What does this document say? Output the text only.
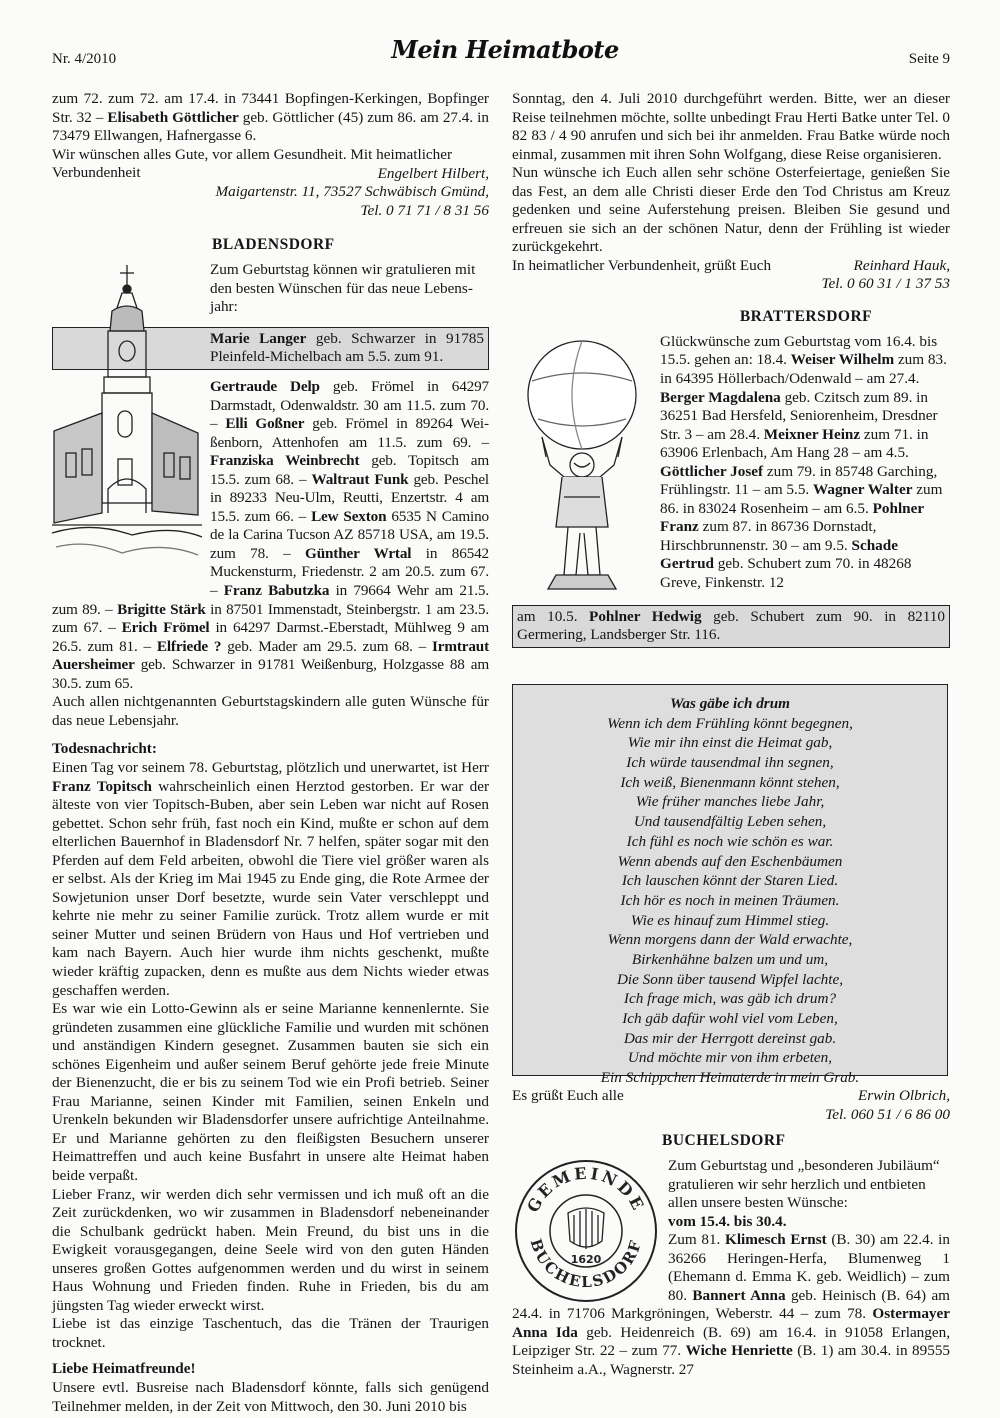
Nr. 4/2010	Mein Heimatbote	Seite 9

zum 72. zum 72. am 17.4. in 73441 Bopfingen-Kerkingen, Bopfinger Str. 32 – Elisabeth Göttlicher geb. Göttlicher (45) zum 86. am 27.4. in 73479 Ellwangen, Hafnergasse 6.

Wir wünschen alles Gute, vor allem Gesundheit. Mit heimatlicher Verbundenheit	Engelbert Hilbert,

Maigartenstr. 11, 73527 Schwäbisch Gmünd,

Tel. 0 71 71 / 8 31 56

BLADENSDORF

Zum Geburtstag können wir gratulieren mit den besten Wünschen für das neue Lebensjahr:

Marie Langer geb. Schwarzer in 91785 Pleinfeld-Michelbach am 5.5. zum 91.

Gertraude Delp geb. Frömel in 64297 Darmstadt, Odenwaldstr. 30 am 11.5. zum 70. – Elli Goßner geb. Frömel in 89264 Weißenborn, Attenhofen am 11.5. zum 69. – Franziska Weinbrecht geb. Topitsch am 15.5. zum 68. – Waltraut Funk geb. Peschel in 89233 Neu-Ulm, Reutti, Enzertstr. 4 am 15.5. zum 66. – Lew Sexton 6535 N Camino de la Carina Tucson AZ 85718 USA, am 19.5. zum 78. – Günther Wrtal in 86542 Muckensturm, Friedenstr. 2 am 20.5. zum 67. – Franz Babutzka in 79664 Wehr am 21.5. zum 89. – Brigitte Stärk in 87501 Immenstadt, Steinbergstr. 1 am 23.5. zum 67. – Erich Frömel in 64297 Darmst.-Eberstadt, Mühlweg 9 am 26.5. zum 81. – Elfriede ? geb. Mader am 29.5. zum 68. – Irmtraut Auersheimer geb. Schwarzer in 91781 Weißenburg, Holzgasse 88 am 30.5. zum 65.

Auch allen nichtgenannten Geburtstagskindern alle guten Wünsche für das neue Lebensjahr.

Todesnachricht:

Einen Tag vor seinem 78. Geburtstag, plötzlich und unerwartet, ist Herr Franz Topitsch wahrscheinlich einen Herztod gestorben. Er war der älteste von vier Topitsch-Buben, aber sein Leben war nicht auf Rosen gebettet. Schon sehr früh, fast noch ein Kind, mußte er schon auf dem elterlichen Bauernhof in Bladensdorf Nr. 7 helfen, später sogar mit den Pferden auf dem Feld arbeiten, obwohl die Tiere viel größer waren als er selbst. Als der Krieg im Mai 1945 zu Ende ging, die Rote Armee der Sowjetunion unser Dorf besetzte, wurde sein Vater verschleppt und kehrte nie mehr zu seiner Familie zurück. Trotz allem wurde er mit seiner Mutter und seinen Brüdern von Haus und Hof vertrieben und kam nach Bayern. Auch hier wurde ihm nichts geschenkt, mußte wieder kräftig zupacken, denn es mußte aus dem Nichts wieder etwas geschaffen werden.

Es war wie ein Lotto-Gewinn als er seine Marianne kennenlernte. Sie gründeten zusammen eine glückliche Familie und wurden mit schönen und anständigen Kindern gesegnet. Zusammen bauten sie sich ein schönes Eigenheim und außer seinem Beruf gehörte jede freie Minute der Bienenzucht, die er bis zu seinem Tod wie ein Profi betrieb. Seiner Frau Marianne, seinen Kinder mit Familien, seinen Enkeln und Urenkeln bekunden wir Bladensdorfer unsere aufrichtige Anteilnahme. Er und Marianne gehörten zu den fleißigsten Besuchern unserer Heimattreffen und auch keine Busfahrt in unsere alte Heimat haben beide verpaßt.

Lieber Franz, wir werden dich sehr vermissen und ich muß oft an die Zeit zurückdenken, wo wir zusammen in Bladensdorf nebeneinander die Schulbank gedrückt haben. Mein Freund, du bist uns in die Ewigkeit vorausgegangen, deine Seele wird von den guten Händen unseres großen Gottes aufgenommen werden und du wirst in seinem Haus Wohnung und Frieden finden. Ruhe in Frieden, bis du am jüngsten Tag wieder erweckt wirst.

Liebe ist das einzige Taschentuch, das die Tränen der Traurigen trocknet.

Liebe Heimatfreunde!

Unsere evtl. Busreise nach Bladensdorf könnte, falls sich genügend Teilnehmer melden, in der Zeit von Mittwoch, den 30. Juni 2010 bis

Sonntag, den 4. Juli 2010 durchgeführt werden. Bitte, wer an dieser Reise teilnehmen möchte, sollte unbedingt Frau Herti Batke unter Tel. 0 82 83 / 4 90 anrufen und sich bei ihr anmelden. Frau Batke würde noch einmal, zusammen mit ihren Sohn Wolfgang, diese Reise organisieren.

Nun wünsche ich Euch allen sehr schöne Osterfeiertage, genießen Sie das Fest, an dem alle Christi dieser Erde den Tod Christus am Kreuz gedenken und seine Auferstehung preisen. Bleiben Sie gesund und erfreuen sie sich an der schönen Natur, denn der Frühling ist wieder zurückgekehrt.

In heimatlicher Verbundenheit, grüßt Euch	Reinhard Hauk,

Tel. 0 60 31 / 1 37 53

BRATTERSDORF

Glückwünsche zum Geburtstag vom 16.4. bis 15.5. gehen an: 18.4. Weiser Wilhelm zum 83. in 64395 Höllerbach/Odenwald – am 27.4. Berger Magdalena geb. Czitsch zum 89. in 36251 Bad Hersfeld, Seniorenheim, Dresdner Str. 3 – am 28.4. Meixner Heinz zum 71. in 63906 Erlenbach, Am Hang 28 – am 4.5. Göttlicher Josef zum 79. in 85748 Garching, Frühlingstr. 11 – am 5.5. Wagner Walter zum 86. in 83024 Rosenheim – am 6.5. Pohlner Franz zum 87. in 86736 Dornstadt, Hirschbrunnenstr. 30 – am 9.5. Schade Gertrud geb. Schubert zum 70. in 48268 Greve, Finkenstr. 12

am 10.5. Pohlner Hedwig geb. Schubert zum 90. in 82110 Germering, Landsberger Str. 116.
Was gäbe ich drum
Wenn ich dem Frühling könnt begegnen,
Wie mir ihn einst die Heimat gab,
Ich würde tausendmal ihn segnen,
Ich weiß, Bienenmann könnt stehen,
Wie früher manches liebe Jahr,
Und tausendfältig Leben sehen,
Ich fühl es noch wie schön es war.
Wenn abends auf den Eschenbäumen
Ich lauschen könnt der Staren Lied.
Ich hör es noch in meinen Träumen.
Wie es hinauf zum Himmel stieg.
Wenn morgens dann der Wald erwachte,
Birkenhähne balzen um und um,
Die Sonn über tausend Wipfel lachte,
Ich frage mich, was gäb ich drum?
Ich gäb dafür wohl viel vom Leben,
Das mir der Herrgott dereinst gab.
Und möchte mir von ihm erbeten,
Ein Schippchen Heimaterde in mein Grab.
Es grüßt Euch alle	Erwin Olbrich,

Tel. 060 51 / 6 86 00

BUCHELSDORF
GEMEINDE
BUCHELSDORF
1620

Zum Geburtstag und „besonderen Jubiläum“ gratulieren wir sehr herzlich und entbieten allen unsere besten Wünsche:

vom 15.4. bis 30.4.

Zum 81. Klimesch Ernst (B. 30) am 22.4. in 36266 Heringen-Herfa, Blumenweg 1 (Ehemann d. Emma K. geb. Weidlich) – zum 80. Bannert Anna geb. Heinisch (B. 64) am 24.4. in 71706 Markgröningen, Weberstr. 44 – zum 78. Ostermayer Anna Ida geb. Heidenreich (B. 69) am 16.4. in 91058 Erlangen, Leipziger Str. 22 – zum 77. Wiche Henriette (B. 1) am 30.4. in 89555 Steinheim a.A., Wagnerstr. 27
